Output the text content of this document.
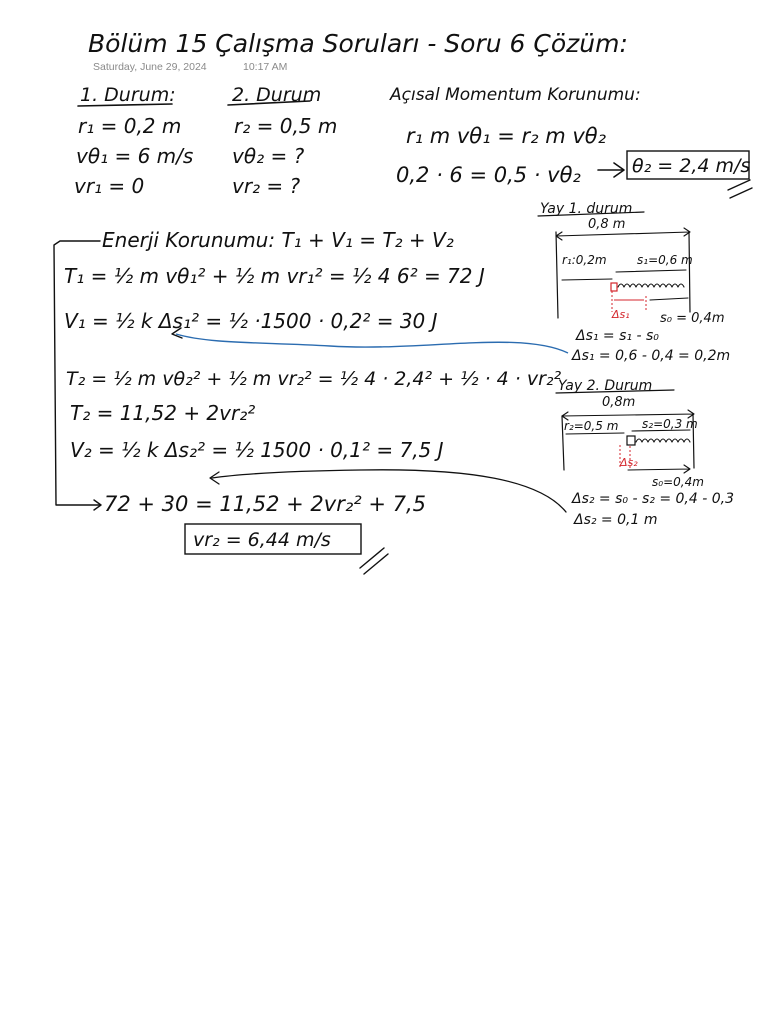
Bölüm 15 Çalışma Soruları - Soru 6 Çözüm:
Saturday, June 29, 2024	10:17 AM
1. Durum:
r₁ = 0,2 m
vθ₁ = 6 m/s
vr₁ = 0
2. Durum
r₂ = 0,5 m
vθ₂ = ?
vr₂ = ?
Açısal Momentum Korunumu:
r₁ m vθ₁ = r₂ m vθ₂
0,2 · 6 = 0,5 · vθ₂	θ₂ = 2,4 m/s
Enerji Korunumu: T₁ + V₁ = T₂ + V₂
T₁ = ½ m vθ₁² + ½ m vr₁² = ½ 4 6² = 72 J
V₁ = ½ k Δs₁² = ½ ·1500 · 0,2² = 30 J
T₂ = ½ m vθ₂² + ½ m vr₂² = ½ 4 · 2,4² + ½ · 4 · vr₂²
T₂ = 11,52 + 2vr₂²
V₂ = ½ k Δs₂² = ½ 1500 · 0,1² = 7,5 J
72 + 30 = 11,52 + 2vr₂² + 7,5
vr₂ = 6,44 m/s
Yay 1. durum
0,8 m
r₁:0,2m	s₁=0,6 m
Δs₁ s₀ = 0,4m
Δs₁ = s₁ - s₀
Δs₁ = 0,6 - 0,4 = 0,2m
Yay 2. Durum
0,8m
r₂=0,5 m s₂=0,3 m
Δs₂
s₀=0,4m
Δs₂ = s₀ - s₂ = 0,4 - 0,3
Δs₂ = 0,1 m
